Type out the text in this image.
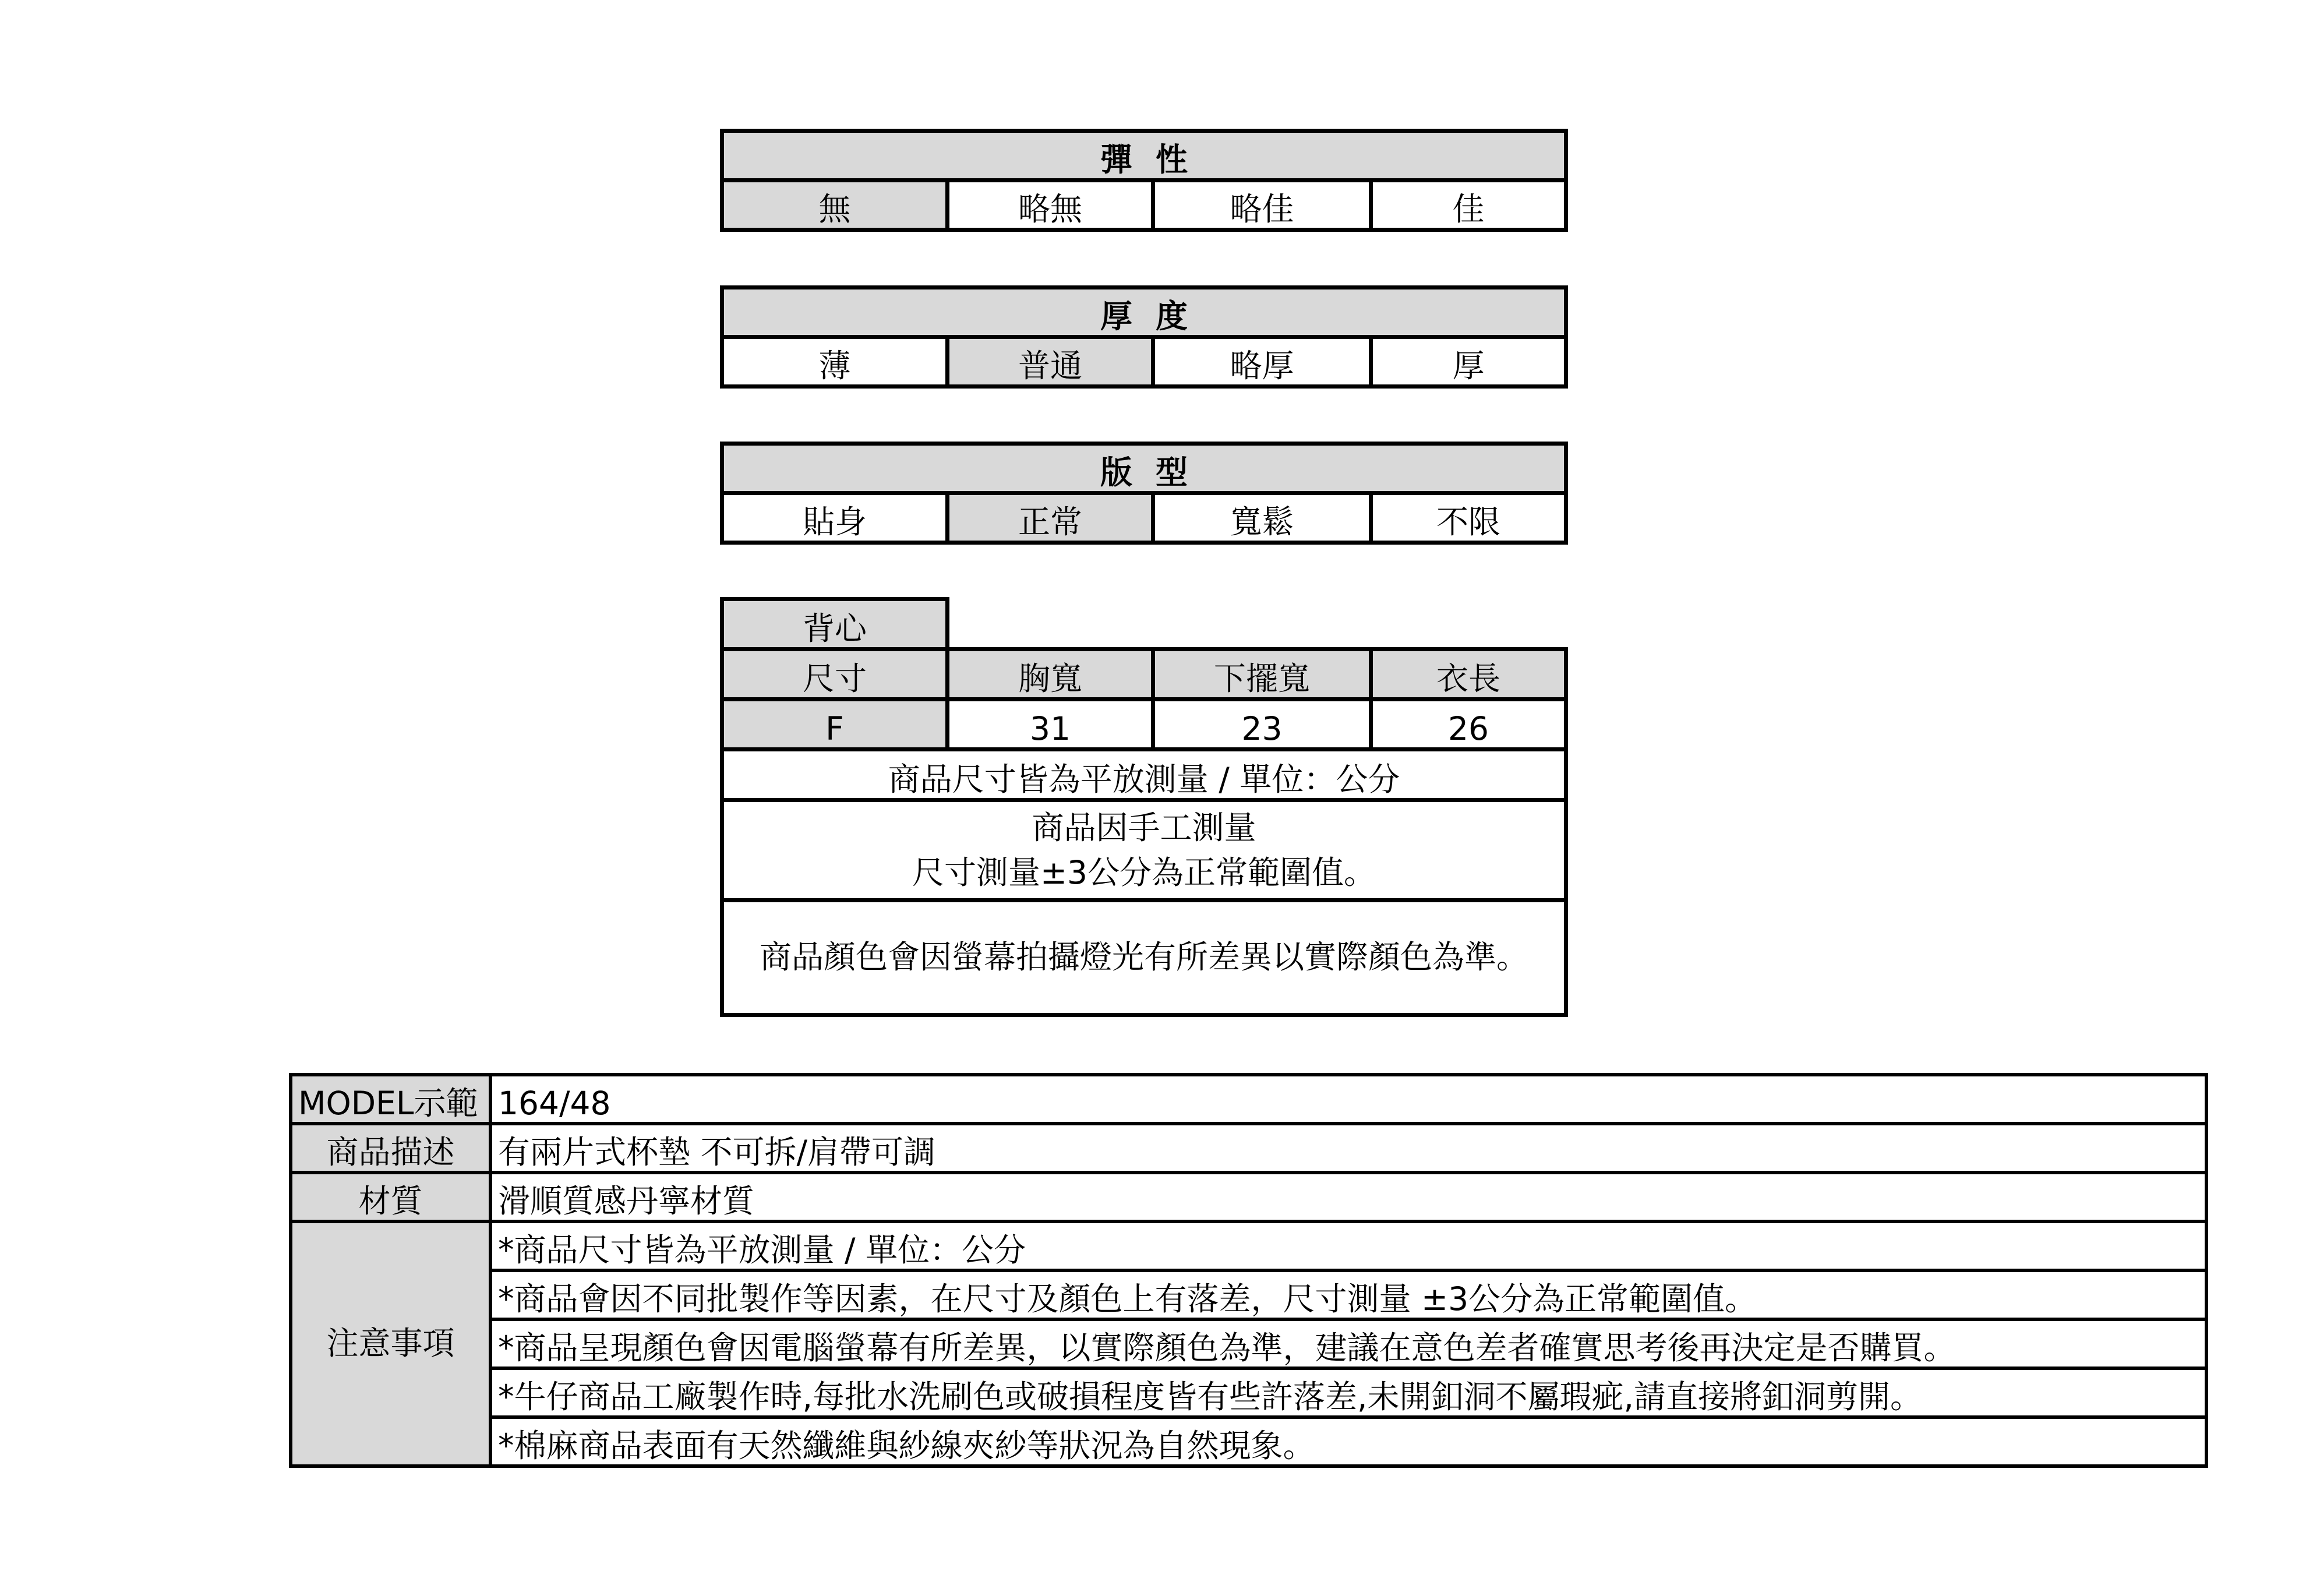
彈性
無	略無	略佳	佳
厚度
薄	普通	略厚	厚
版型
貼身	正常	寬鬆	不限
背心			
尺寸	胸寬	下擺寬	衣長
F	31	23	26
商品尺寸皆為平放測量 / 單位：公分			
商品因手工測量
尺寸測量±3公分為正常範圍值。			
商品顏色會因螢幕拍攝燈光有所差異以實際顏色為準。			
MODEL示範	164/48
商品描述	有兩片式杯墊 不可拆/肩帶可調
材質	滑順質感丹寧材質
注意事項	*商品尺寸皆為平放測量 / 單位：公分
	*商品會因不同批製作等因素，在尺寸及顏色上有落差，尺寸測量 ±3公分為正常範圍值。
	*商品呈現顏色會因電腦螢幕有所差異，以實際顏色為準，建議在意色差者確實思考後再決定是否購買。
	*牛仔商品工廠製作時,每批水洗刷色或破損程度皆有些許落差,未開釦洞不屬瑕疵,請直接將釦洞剪開。
	*棉麻商品表面有天然纖維與紗線夾紗等狀況為自然現象。
